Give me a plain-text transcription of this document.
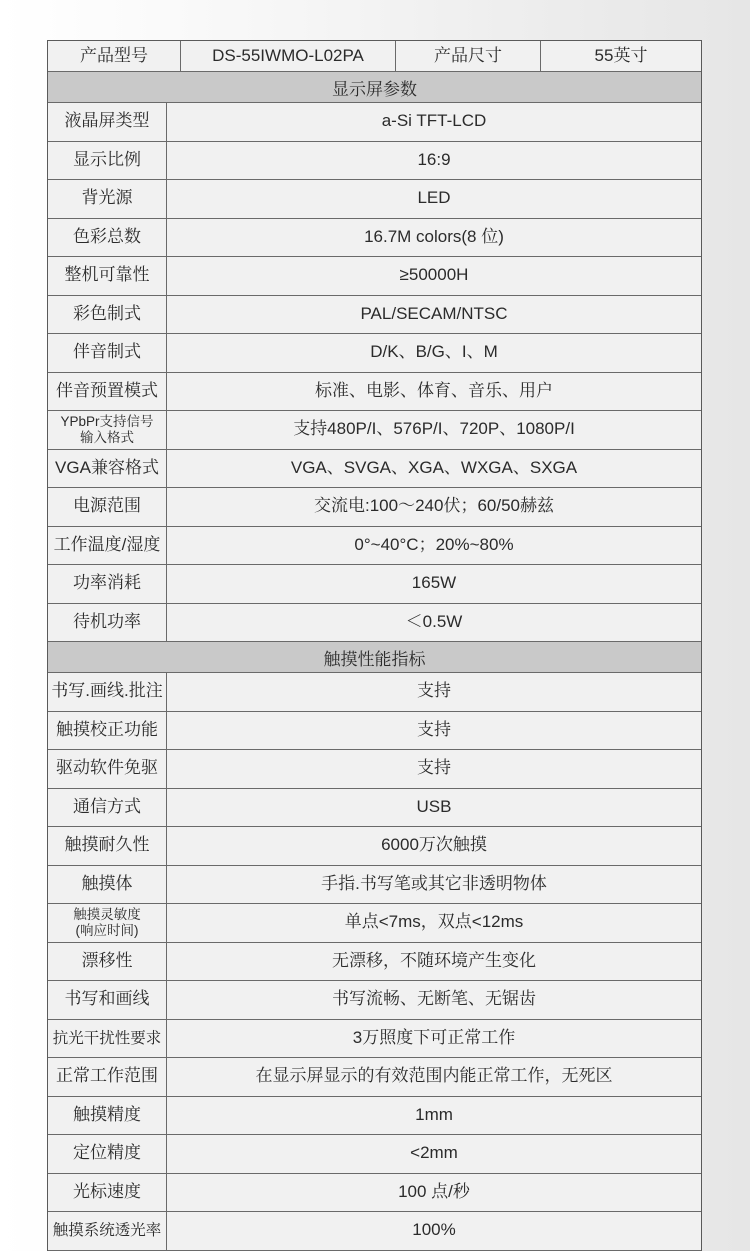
产品型号	DS-55IWMO-L02PA	产品尺寸	55英寸
显示屏参数
液晶屏类型	a-Si TFT-LCD
显示比例	16:9
背光源	LED
色彩总数	16.7M colors(8 位)
整机可靠性	≥50000H
彩色制式	PAL/SECAM/NTSC
伴音制式	D/K、B/G、I、M
伴音预置模式	标准、电影、体育、音乐、用户
YPbPr支持信号
输入格式	支持480P/I、576P/I、720P、1080P/I
VGA兼容格式	VGA、SVGA、XGA、WXGA、SXGA
电源范围	交流电:100～240伏；60/50赫兹
工作温度/湿度	0°~40°C；20%~80%
功率消耗	165W
待机功率	＜0.5W
触摸性能指标
书写.画线.批注	支持
触摸校正功能	支持
驱动软件免驱	支持
通信方式	USB
触摸耐久性	6000万次触摸
触摸体	手指.书写笔或其它非透明物体
触摸灵敏度
(响应时间)	单点<7ms，双点<12ms
漂移性	无漂移，不随环境产生变化
书写和画线	书写流畅、无断笔、无锯齿
抗光干扰性要求	3万照度下可正常工作
正常工作范围	在显示屏显示的有效范围内能正常工作，无死区
触摸精度	1mm
定位精度	<2mm
光标速度	100 点/秒
触摸系统透光率	100%
